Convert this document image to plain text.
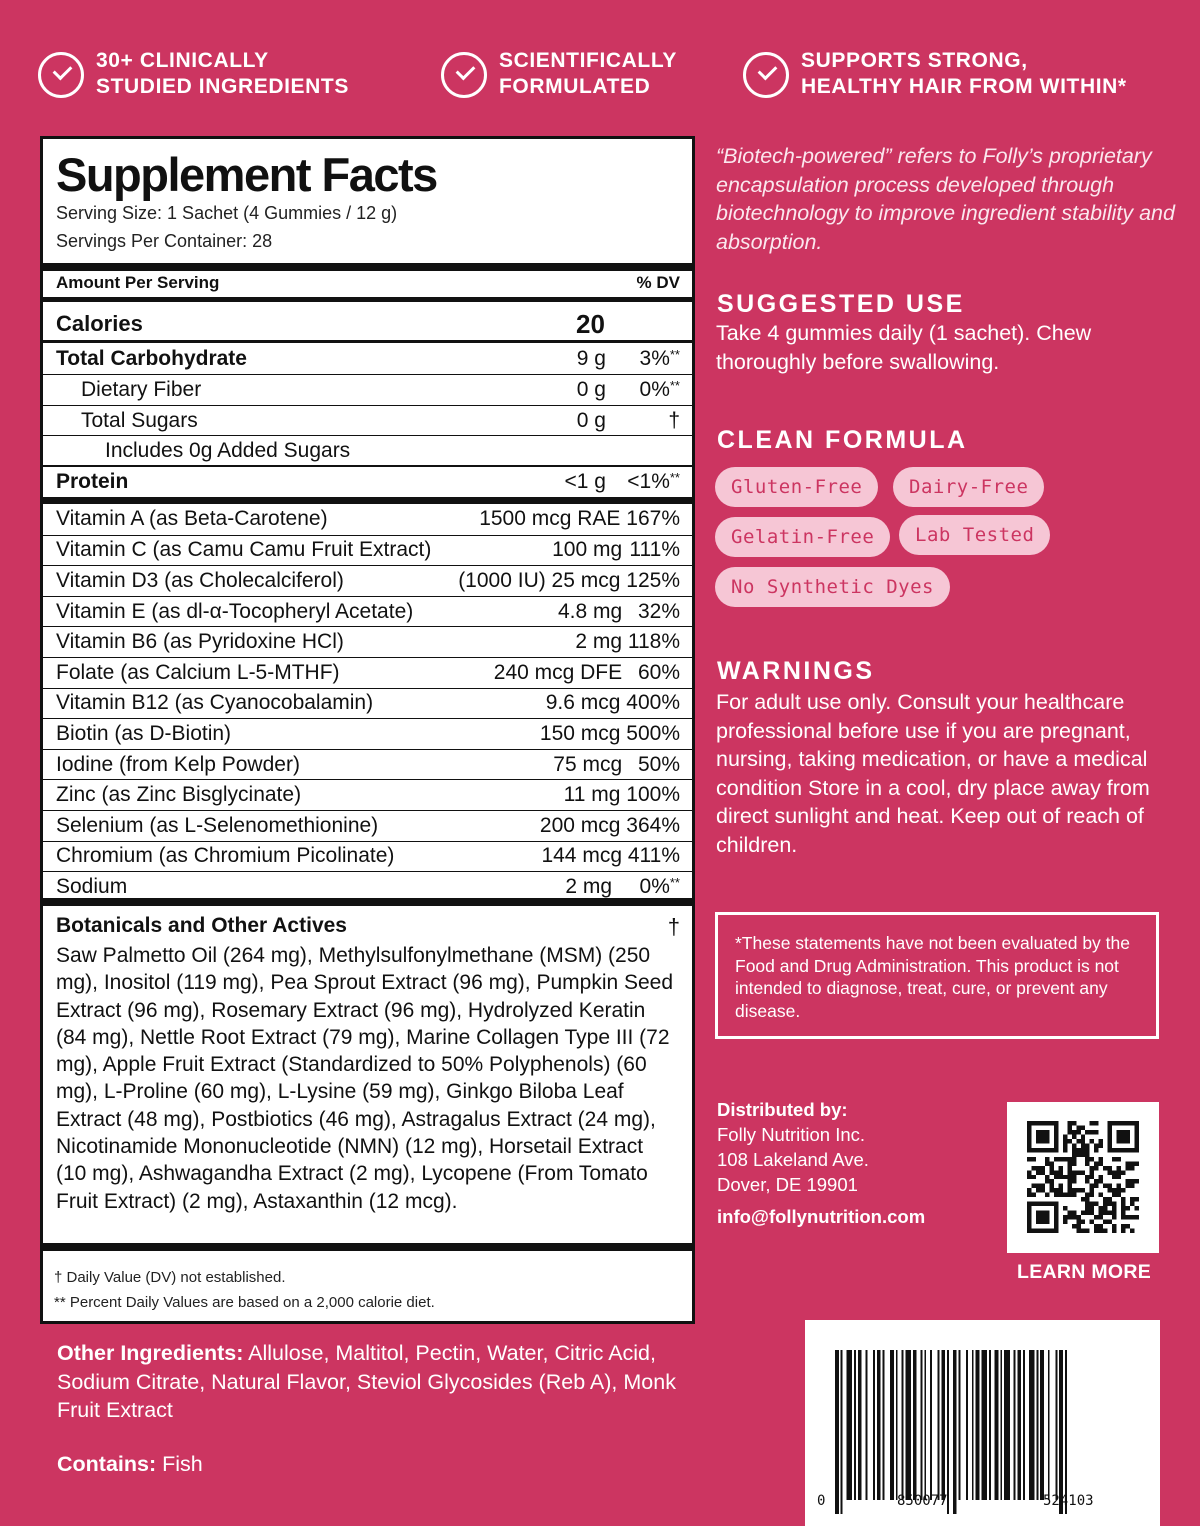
30+ CLINICALLY
STUDIED INGREDIENTS
SCIENTIFICALLY
FORMULATED
SUPPORTS STRONG,
HEALTHY HAIR FROM WITHIN*
Supplement Facts
Serving Size: 1 Sachet (4 Gummies / 12 g)
Servings Per Container: 28
Amount Per Serving	% DV
Calories	20
Total Carbohydrate	9 g 3%**
Dietary Fiber	0 g 0%**
Total Sugars	0 g	†
Includes 0g Added Sugars
Protein	<1 g <1%**
Vitamin A (as Beta-Carotene)	1500 mcg RAE 167%
Vitamin C (as Camu Camu Fruit Extract)	100 mg 111%
Vitamin D3 (as Cholecalciferol)	(1000 IU) 25 mcg 125%
Vitamin E (as dl-α-Tocopheryl Acetate)	4.8 mg 32%
Vitamin B6 (as Pyridoxine HCl)	2 mg 118%
Folate (as Calcium L-5-MTHF)	240 mcg DFE 60%
Vitamin B12 (as Cyanocobalamin)	9.6 mcg 400%
Biotin (as D-Biotin)	150 mcg 500%
Iodine (from Kelp Powder)	75 mcg 50%
Zinc (as Zinc Bisglycinate)	11 mg 100%
Selenium (as L-Selenomethionine)	200 mcg 364%
Chromium (as Chromium Picolinate)	144 mcg 411%
Sodium	2 mg 0%**
Botanicals and Other Actives	†
Saw Palmetto Oil (264 mg), Methylsulfonylmethane (MSM) (250 mg), Inositol (119 mg), Pea Sprout Extract (96 mg), Pumpkin Seed Extract (96 mg), Rosemary Extract (96 mg), Hydrolyzed Keratin (84 mg), Nettle Root Extract (79 mg), Marine Collagen Type III (72 mg), Apple Fruit Extract (Standardized to 50% Polyphenols) (60 mg), L-Proline (60 mg), L-Lysine (59 mg), Ginkgo Biloba Leaf Extract (48 mg), Postbiotics (46 mg), Astragalus Extract (24 mg), Nicotinamide Mononucleotide (NMN) (12 mg), Horsetail Extract (10 mg), Ashwagandha Extract (2 mg), Lycopene (From Tomato Fruit Extract) (2 mg), Astaxanthin (12 mcg).
† Daily Value (DV) not established.
** Percent Daily Values are based on a 2,000 calorie diet.
“Biotech-powered” refers to Folly’s proprietary encapsulation process developed through biotechnology to improve ingredient stability and absorption.
SUGGESTED USE
Take 4 gummies daily (1 sachet). Chew thoroughly before swallowing.
CLEAN FORMULA
Gluten-Free	Dairy-Free
Gelatin-Free	Lab Tested
No Synthetic Dyes
WARNINGS
For adult use only. Consult your healthcare professional before use if you are pregnant, nursing, taking medication, or have a medical condition Store in a cool, dry place away from direct sunlight and heat. Keep out of reach of children.
*These statements have not been evaluated by the Food and Drug Administration. This product is not intended to diagnose, treat, cure, or prevent any disease.
Distributed by:
Folly Nutrition Inc.
108 Lakeland Ave.
Dover, DE 19901
info@follynutrition.com
LEARN MORE
0	850077	524103
Other Ingredients: Allulose, Maltitol, Pectin, Water, Citric Acid, Sodium Citrate, Natural Flavor, Steviol Glycosides (Reb A), Monk Fruit Extract
Contains: Fish
